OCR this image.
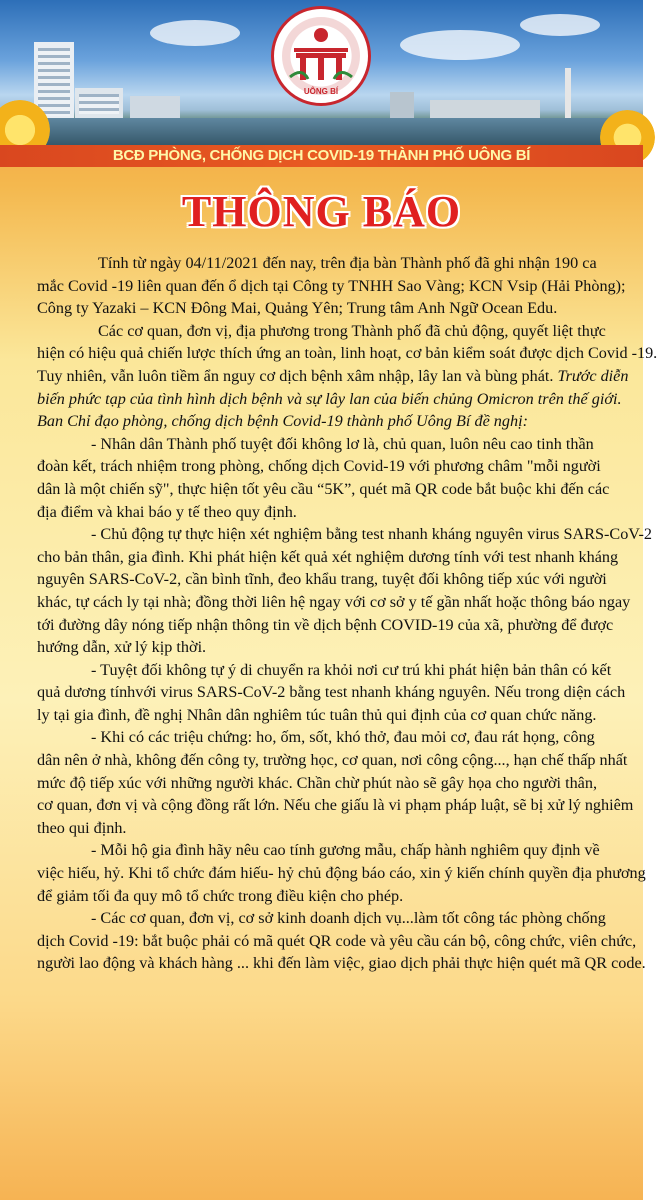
UÔNG BÍ
BCĐ PHÒNG, CHỐNG DỊCH COVID-19 THÀNH PHỐ UÔNG BÍ
THÔNG BÁO
Tính từ ngày 04/11/2021 đến nay, trên địa bàn Thành phố đã ghi nhận 190 ca
mắc Covid -19 liên quan đến ổ dịch tại Công ty TNHH Sao Vàng; KCN Vsip (Hải Phòng);
Công ty Yazaki – KCN Đông Mai, Quảng Yên; Trung tâm Anh Ngữ Ocean Edu.
Các cơ quan, đơn vị, địa phương trong Thành phố đã chủ động, quyết liệt thực
hiện có hiệu quả chiến lược thích ứng an toàn, linh hoạt, cơ bản kiểm soát được dịch Covid -19.
Tuy nhiên, vẫn luôn tiềm ẩn nguy cơ dịch bệnh xâm nhập, lây lan và bùng phát. Trước diễn
biến phức tạp của tình hình dịch bệnh và sự lây lan của biến chủng Omicron trên thế giới.
Ban Chỉ đạo phòng, chống dịch bệnh Covid-19 thành phố Uông Bí đề nghị:
- Nhân dân Thành phố tuyệt đối không lơ là, chủ quan, luôn nêu cao tinh thần
đoàn kết, trách nhiệm trong phòng, chống dịch Covid-19 với phương châm "mỗi người
dân là một chiến sỹ", thực hiện tốt yêu cầu “5K”, quét mã QR code bắt buộc khi đến các
địa điểm và khai báo y tế theo quy định.
- Chủ động tự thực hiện xét nghiệm bằng test nhanh kháng nguyên virus SARS-CoV-2
cho bản thân, gia đình. Khi phát hiện kết quả xét nghiệm dương tính với test nhanh kháng
nguyên SARS-CoV-2, cần bình tĩnh, đeo khẩu trang, tuyệt đối không tiếp xúc với người
khác, tự cách ly tại nhà; đồng thời liên hệ ngay với cơ sở y tế gần nhất hoặc thông báo ngay
tới đường dây nóng tiếp nhận thông tin về dịch bệnh COVID-19 của xã, phường để được
hướng dẫn, xử lý kịp thời.
- Tuyệt đối không tự ý di chuyển ra khỏi nơi cư trú khi phát hiện bản thân có kết
quả dương tínhvới virus SARS-CoV-2 bằng test nhanh kháng nguyên. Nếu trong diện cách
ly tại gia đình, đề nghị Nhân dân nghiêm túc tuân thủ qui định của cơ quan chức năng.
- Khi có các triệu chứng: ho, ốm, sốt, khó thở, đau mỏi cơ, đau rát họng, công
dân nên ở nhà, không đến công ty, trường học, cơ quan, nơi công cộng..., hạn chế thấp nhất
mức độ tiếp xúc với những người khác. Chần chừ phút nào sẽ gây họa cho người thân,
cơ quan, đơn vị và cộng đồng rất lớn. Nếu che giấu là vi phạm pháp luật, sẽ bị xử lý nghiêm
theo qui định.
- Mỗi hộ gia đình hãy nêu cao tính gương mẫu, chấp hành nghiêm quy định về
việc hiếu, hỷ. Khi tổ chức đám hiếu- hỷ chủ động báo cáo, xin ý kiến chính quyền địa phương
để giảm tối đa quy mô tổ chức trong điều kiện cho phép.
- Các cơ quan, đơn vị, cơ sở kinh doanh dịch vụ...làm tốt công tác phòng chống
dịch Covid -19: bắt buộc phải có mã quét QR code và yêu cầu cán bộ, công chức, viên chức,
người lao động và khách hàng ... khi đến làm việc, giao dịch phải thực hiện quét mã QR code.
